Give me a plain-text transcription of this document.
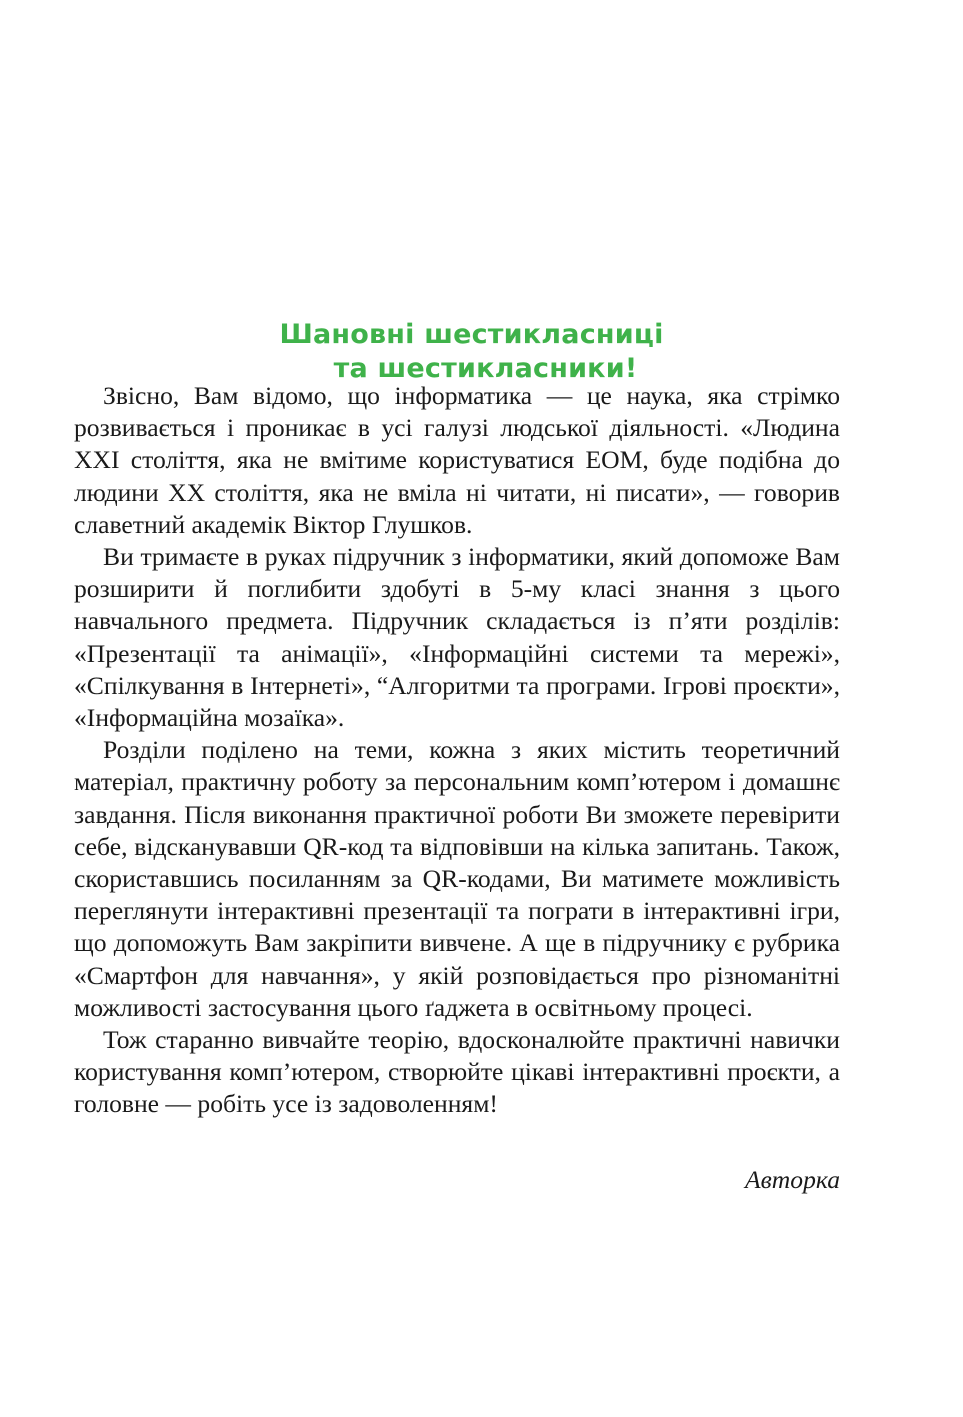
Шановні шестикласниці
та шестикласники!

Звісно, Вам відомо, що інформатика — це наука, яка стрімко розвивається і проникає в усі галузі людської діяльності. «Людина XXI століття, яка не вмітиме користуватися ЕОМ, буде подібна до людини XX століття, яка не вміла ні читати, ні писати», — говорив славетний академік Віктор Глушков.

Ви тримаєте в руках підручник з інформатики, який допоможе Вам розширити й поглибити здобуті в 5-му класі знання з цього навчального предмета. Підручник складається із п’яти розділів: «Презентації та анімації», «Інформаційні системи та мережі», «Спілкування в Інтернеті», “Алгоритми та програми. Ігрові проєкти», «Інформаційна мозаїка».

Розділи поділено на теми, кожна з яких містить теоретичний матеріал, практичну роботу за персональним комп’ютером і домашнє завдання. Після виконання практичної роботи Ви зможете перевірити себе, відсканувавши QR-код та відповівши на кілька запитань. Також, скориставшись посиланням за QR-кодами, Ви матимете можливість переглянути інтерактивні презентації та пограти в інтерактивні ігри, що допоможуть Вам закріпити вивчене. А ще в підручнику є рубрика «Смартфон для навчання», у якій розповідається про різноманітні можливості застосування цього ґаджета в освітньому процесі.

Тож старанно вивчайте теорію, вдосконалюйте практичні навички користування комп’ютером, створюйте цікаві інтерактивні проєкти, а головне — робіть усе із задоволенням!

Авторка
